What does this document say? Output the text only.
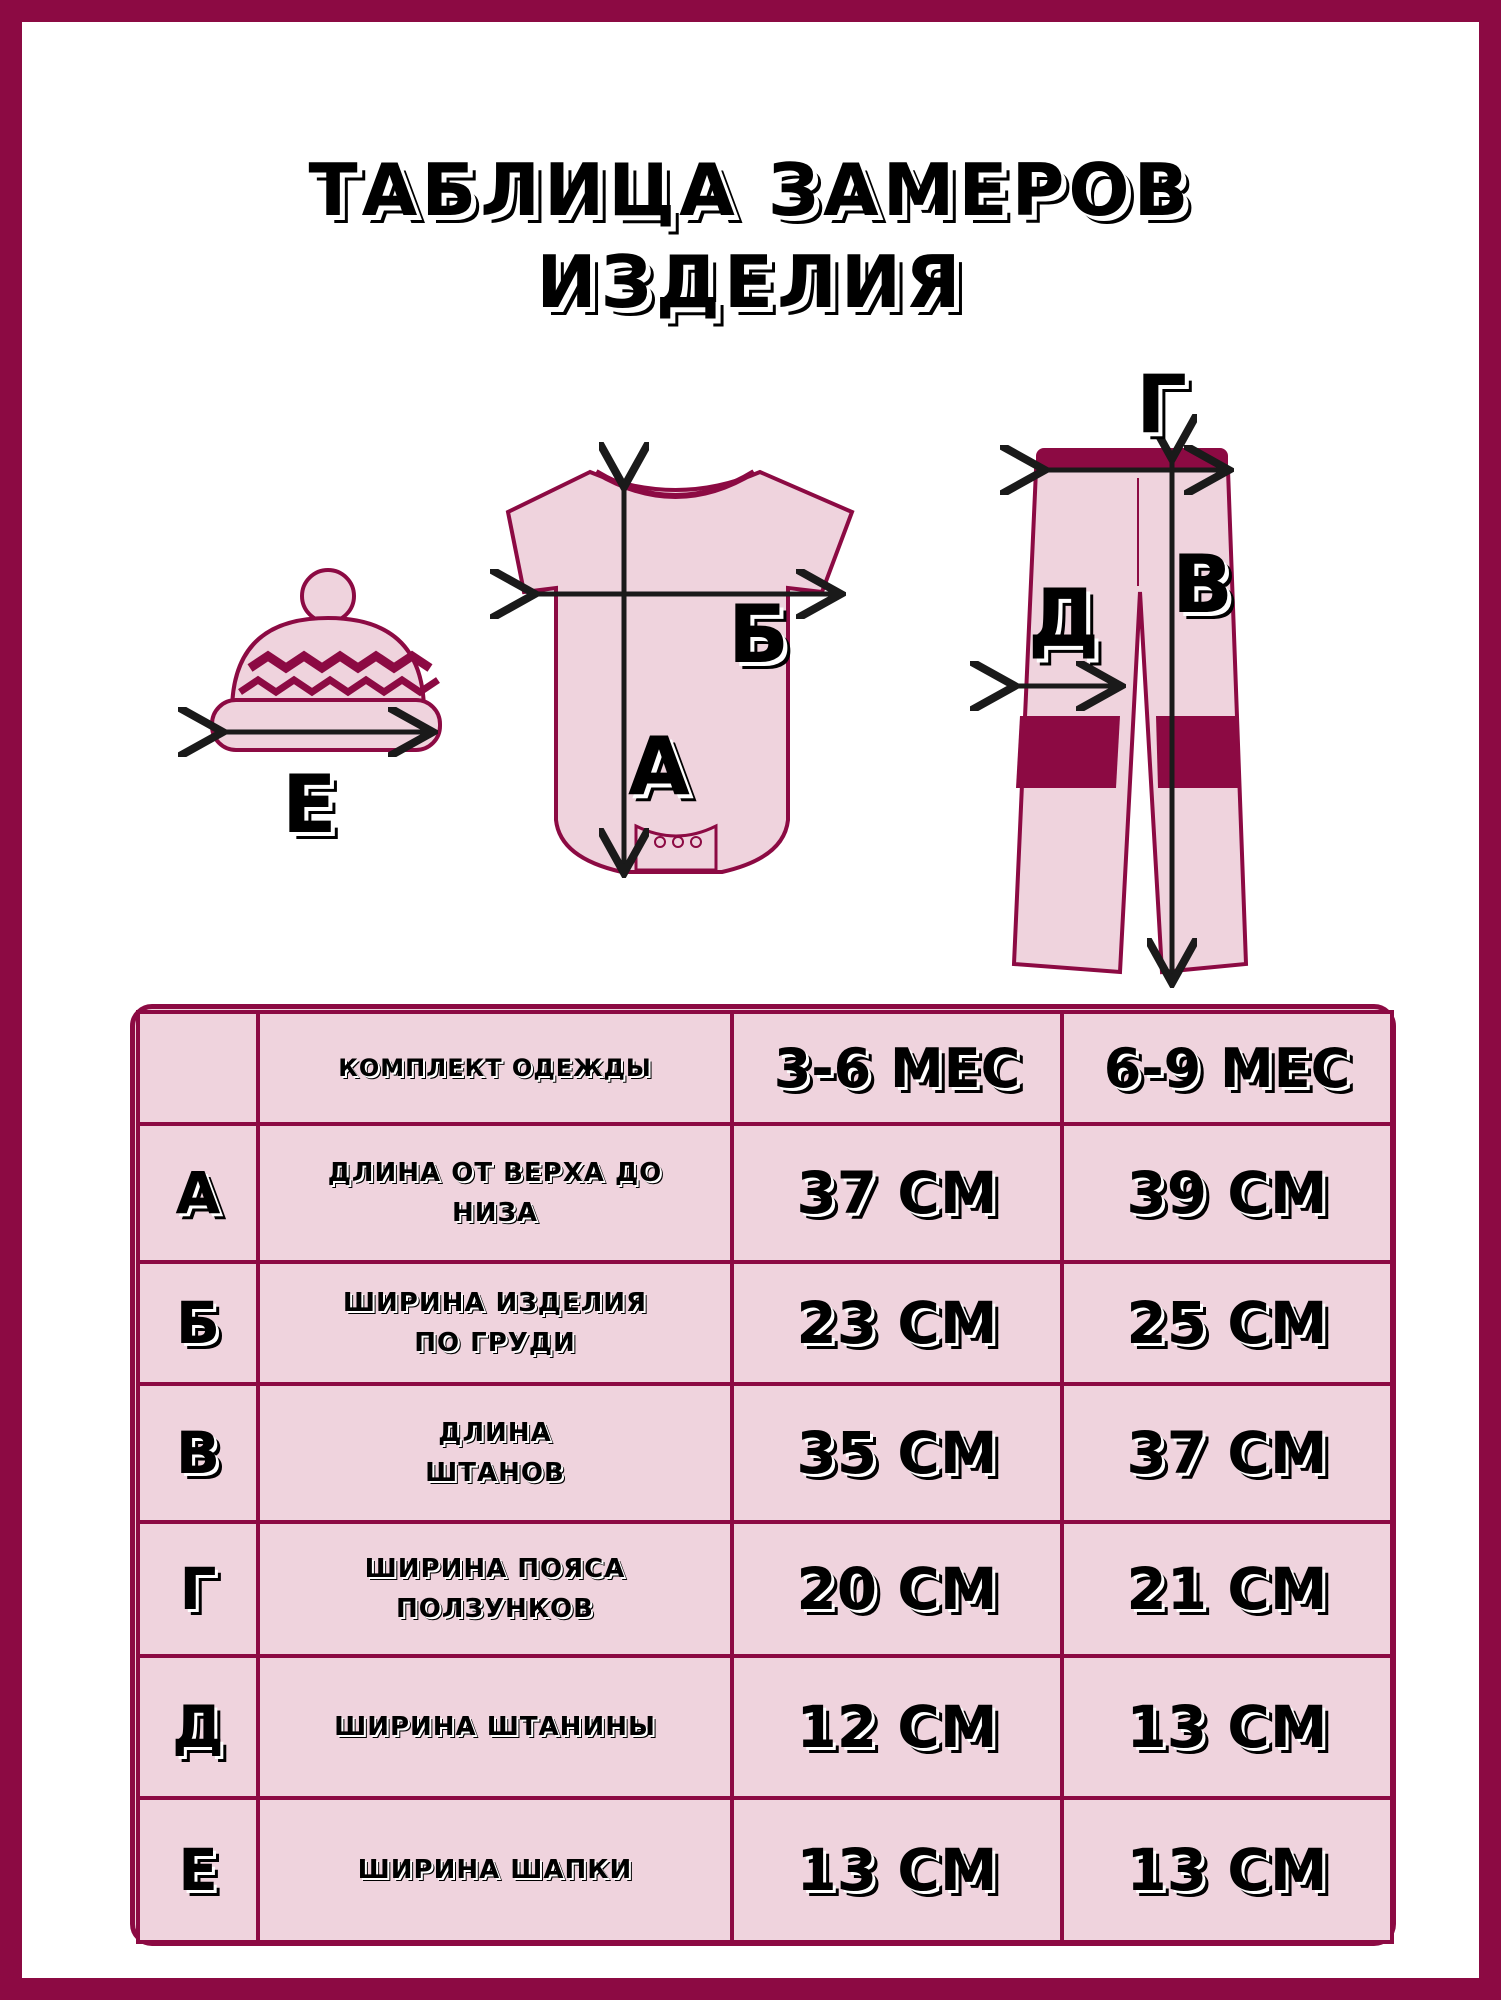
ТАБЛИЦА ЗАМЕРОВ
ИЗДЕЛИЯ
Е
Б
А
Г
В
Д
	КОМПЛЕКТ ОДЕЖДЫ	3-6 МЕС	6-9 МЕС
А	ДЛИНА ОТ ВЕРХА ДО
НИЗА	37 СМ	39 СМ
Б	ШИРИНА ИЗДЕЛИЯ
ПО ГРУДИ	23 СМ	25 СМ
В	ДЛИНА
ШТАНОВ	35 СМ	37 СМ
Г	ШИРИНА ПОЯСА
ПОЛЗУНКОВ	20 СМ	21 СМ
Д	ШИРИНА ШТАНИНЫ	12 СМ	13 СМ
Е	ШИРИНА ШАПКИ	13 СМ	13 СМ
